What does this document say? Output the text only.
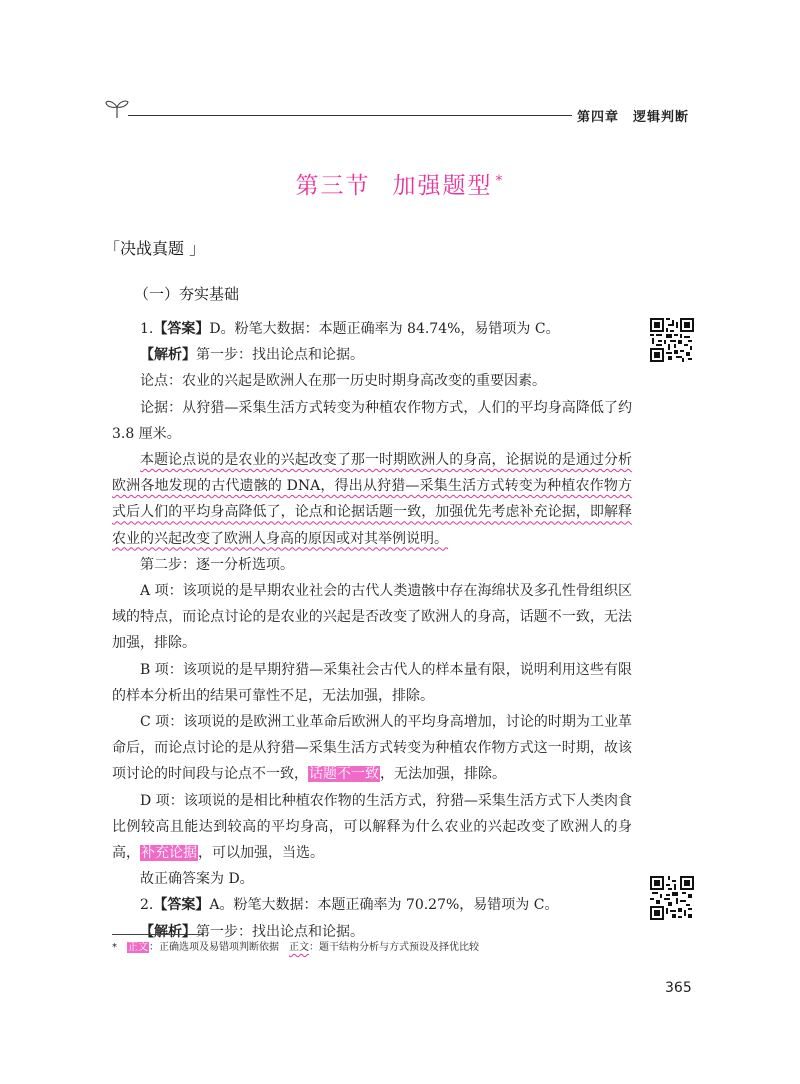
第四章 逻辑判断
第三节 加强题型 *
「决战真题 」
（一）夯实基础

1.【答案】D。粉笔大数据：本题正确率为 84.74%，易错项为 C。

【解析】第一步：找出论点和论据。

论点：农业的兴起是欧洲人在那一历史时期身高改变的重要因素。

论据：从狩猎—采集生活方式转变为种植农作物方式，人们的平均身高降低了约 3.8 厘米。

本题论点说的是农业的兴起改变了那一时期欧洲人的身高，论据说的是通过分析欧洲各地发现的古代遗骸的 DNA，得出从狩猎—采集生活方式转变为种植农作物方式后人们的平均身高降低了，论点和论据话题一致，加强优先考虑补充论据，即解释农业的兴起改变了欧洲人身高的原因或对其举例说明。

第二步：逐一分析选项。

A 项：该项说的是早期农业社会的古代人类遗骸中存在海绵状及多孔性骨组织区域的特点，而论点讨论的是农业的兴起是否改变了欧洲人的身高，话题不一致，无法加强，排除。

B 项：该项说的是早期狩猎—采集社会古代人的样本量有限，说明利用这些有限的样本分析出的结果可靠性不足，无法加强，排除。

C 项：该项说的是欧洲工业革命后欧洲人的平均身高增加，讨论的时期为工业革命后，而论点讨论的是从狩猎—采集生活方式转变为种植农作物方式这一时期，故该项讨论的时间段与论点不一致，话题不一致，无法加强，排除。

D 项：该项说的是相比种植农作物的生活方式，狩猎—采集生活方式下人类肉食比例较高且能达到较高的平均身高，可以解释为什么农业的兴起改变了欧洲人的身高，补充论据，可以加强，当选。

故正确答案为 D。

2.【答案】A。粉笔大数据：本题正确率为 70.27%，易错项为 C。

【解析】第一步：找出论点和论据。

* 正文：正确选项及易错项判断依据 正文：题干结构分析与方式预设及择优比较
365
